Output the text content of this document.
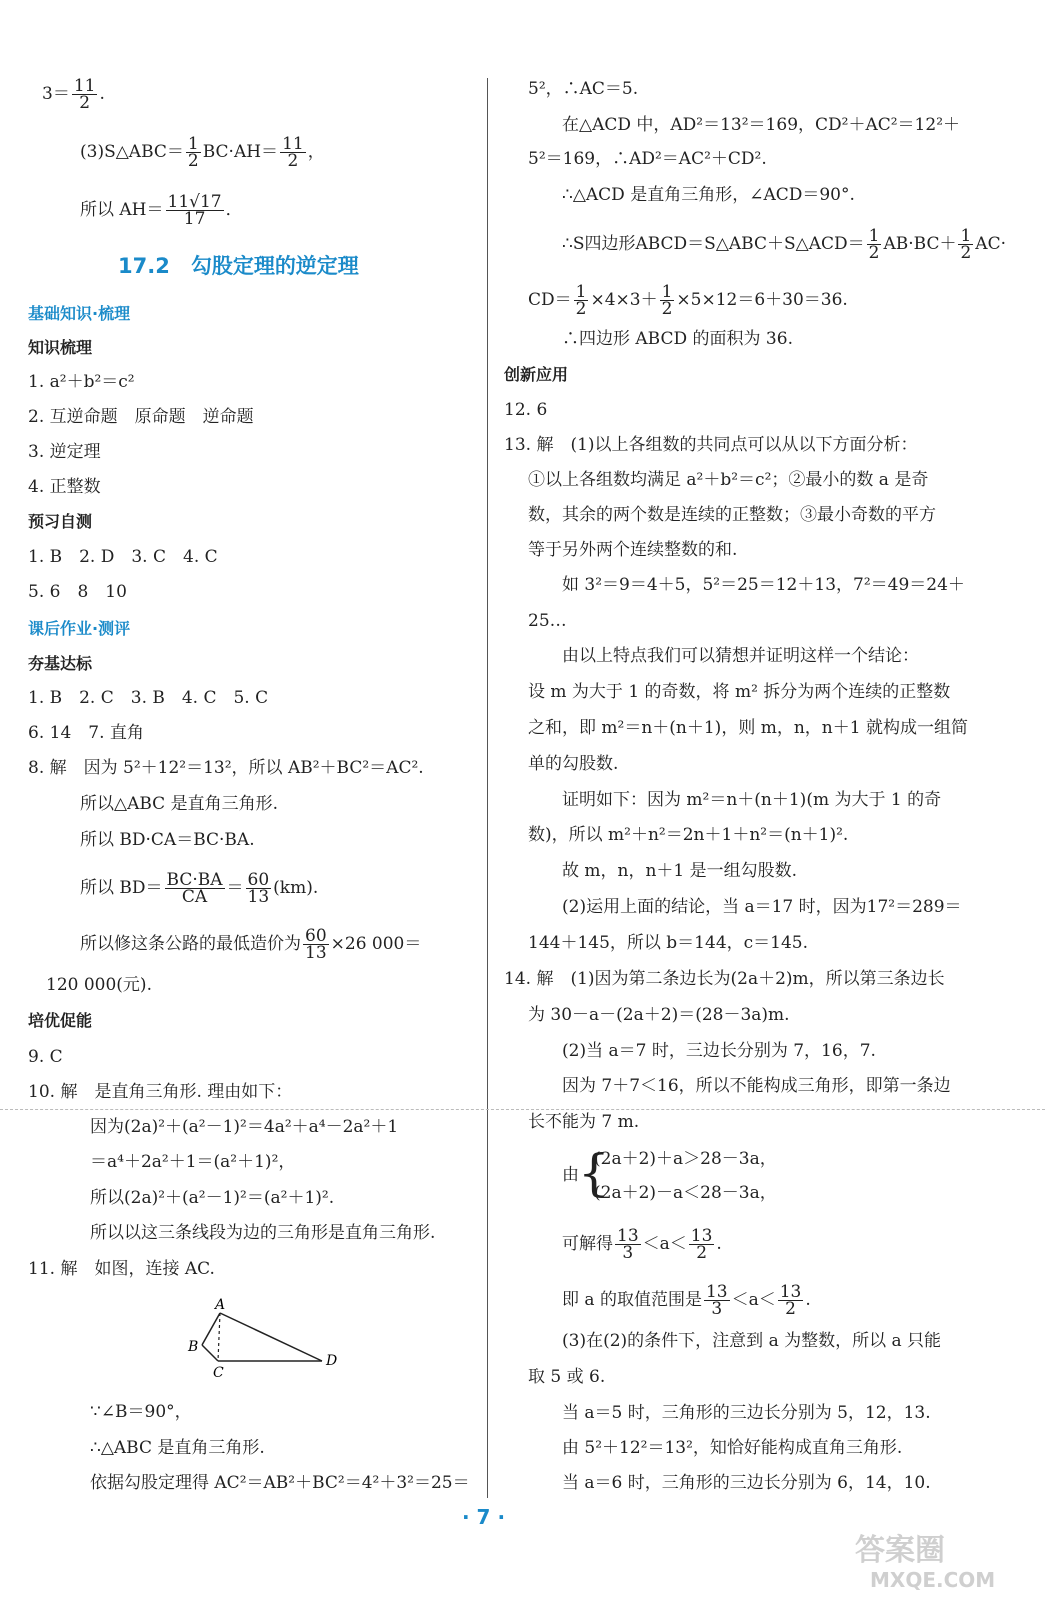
$3= \frac{11}{2}$ .
(3)S△ABC＝ $\frac{1}{2} BC\cdot AH= \frac{11}{2}$ ，
所以 $AH= \frac{11√17}{17}$ ．
17.2　勾股定理的逆定理
基础知识·梳理
知识梳理
1. a²＋b²＝c²
2. 互逆命题　原命题　逆命题
3. 逆定理
4. 正整数
预习自测
1. B　2. D　3. C　4. C
5. 6　8　10
课后作业·测评
夯基达标
1. B　2. C　3. B　4. C　5. C
6. 14　7. 直角
8. 解　因为 5²＋12²＝13²，所以 AB²＋BC²＝AC².
所以△ABC 是直角三角形.
所以 BD·CA＝BC·BA.
所以 $BD= \frac{BC\cdot BA}{CA} = \frac{60}{13} (km)$.
所以修这条公路的最低造价为 $\frac{60}{13} \times 26$ 000＝
120 000(元).
培优促能
9. C
10. 解　是直角三角形. 理由如下：
因为(2a)²＋(a²－1)²＝4a²＋a⁴－2a²＋1
＝a⁴＋2a²＋1＝(a²＋1)²，
所以(2a)²＋(a²－1)²＝(a²＋1)².
所以以这三条线段为边的三角形是直角三角形.
11. 解　如图，连接 AC.
A
B
C
D
∵∠B＝90°，
∴△ABC 是直角三角形.
依据勾股定理得 AC²＝AB²＋BC²＝4²＋3²＝25＝
5²，∴AC＝5.
在△ACD 中，AD²＝13²＝169，CD²＋AC²＝12²＋
5²＝169，∴AD²＝AC²＋CD².
∴△ACD 是直角三角形，∠ACD＝90°.
∴S四边形ABCD＝S△ABC＋S△ACD＝ $\frac{1}{2} AB\cdot BC+ \frac{1}{2} AC\cdot$
$CD= \frac{1}{2} \times 4\times 3+ \frac{1}{2} \times 5\times 12=6+30=36$.
∴四边形 ABCD 的面积为 36.
创新应用
12. 6
13. 解　(1)以上各组数的共同点可以从以下方面分析：
①以上各组数均满足 a²＋b²＝c²；②最小的数 a 是奇
数，其余的两个数是连续的正整数；③最小奇数的平方
等于另外两个连续整数的和.
如 3²＝9＝4＋5，5²＝25＝12＋13，7²＝49＝24＋
25…
由以上特点我们可以猜想并证明这样一个结论：
设 m 为大于 1 的奇数，将 m² 拆分为两个连续的正整数
之和，即 m²＝n＋(n＋1)，则 m，n，n＋1 就构成一组简
单的勾股数.
证明如下：因为 m²＝n＋(n＋1)(m 为大于 1 的奇
数)，所以 m²＋n²＝2n＋1＋n²＝(n＋1)².
故 m，n，n＋1 是一组勾股数.
(2)运用上面的结论，当 a＝17 时，因为17²＝289＝
144＋145，所以 b＝144，c＝145.
14. 解　(1)因为第二条边长为(2a＋2)m，所以第三条边长
为 30－a－(2a＋2)＝(28－3a)m.
(2)当 a＝7 时，三边长分别为 7，16，7.
因为 7＋7＜16，所以不能构成三角形，即第一条边
长不能为 7 m.
由 {
(2a＋2)＋a＞28－3a，
(2a＋2)－a＜28－3a，
可解得 $\frac{13}{3} <a< \frac{13}{2}$ .
即 a 的取值范围是 $\frac{13}{3} <a< \frac{13}{2}$ .
(3)在(2)的条件下，注意到 a 为整数，所以 a 只能
取 5 或 6.
当 a＝5 时，三角形的三边长分别为 5，12，13.
由 5²＋12²＝13²，知恰好能构成直角三角形.
当 a＝6 时，三角形的三边长分别为 6，14，10.
· 7 ·
答案圈
MXQE.COM
